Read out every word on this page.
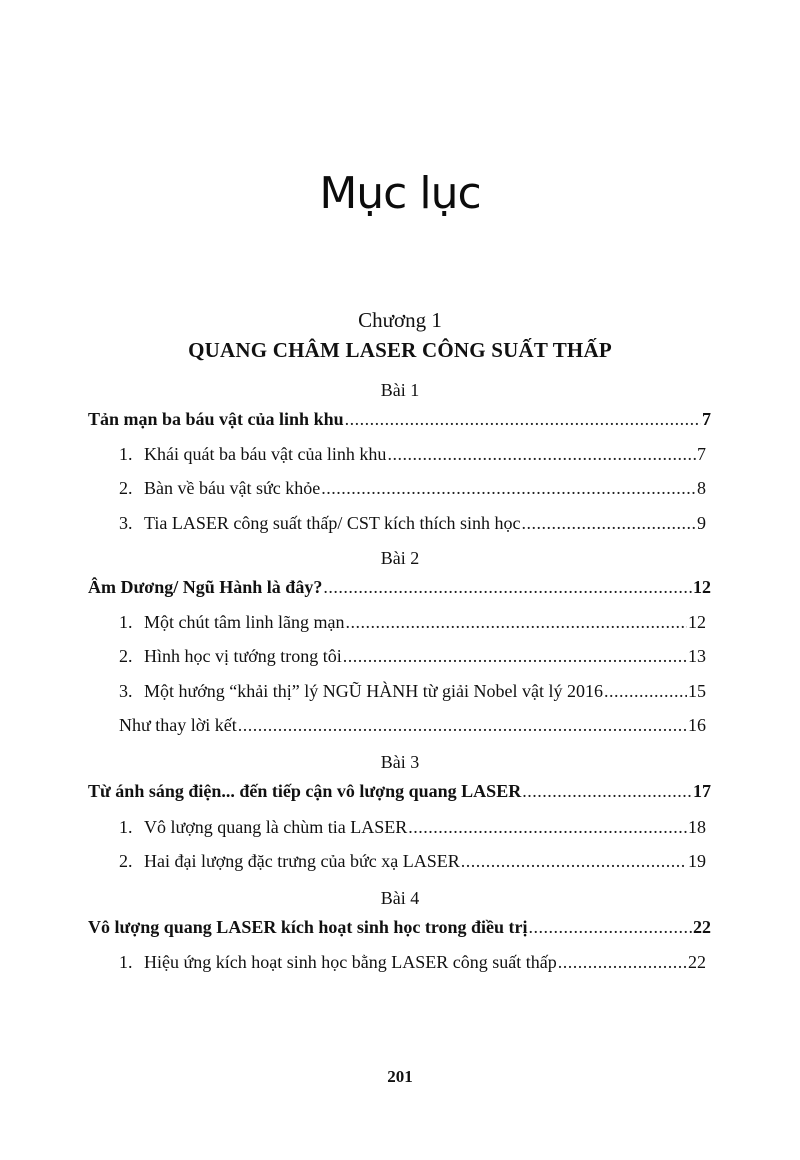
Mục lục
Chương 1
QUANG CHÂM LASER CÔNG SUẤT THẤP
Bài 1
Tản mạn ba báu vật của linh khu .....	7
1. Khái quát ba báu vật của linh khu .....	7
2. Bàn về báu vật sức khỏe .....	8
3. Tia LASER công suất thấp/ CST kích thích sinh học .....	9
Bài 2
Âm Dương/ Ngũ Hành là đây? .....	12
1. Một chút tâm linh lãng mạn .....	12
2. Hình học vị tướng trong tôi .....	13
3. Một hướng “khải thị” lý NGŨ HÀNH từ giải Nobel vật lý 2016 .....	15
Như thay lời kết .....	16
Bài 3
Từ ánh sáng điện... đến tiếp cận vô lượng quang LASER .....	17
1. Vô lượng quang là chùm tia LASER .....	18
2. Hai đại lượng đặc trưng của bức xạ LASER .....	19
Bài 4
Vô lượng quang LASER kích hoạt sinh học trong điều trị .....	22
1. Hiệu ứng kích hoạt sinh học bằng LASER công suất thấp .....	22
201
